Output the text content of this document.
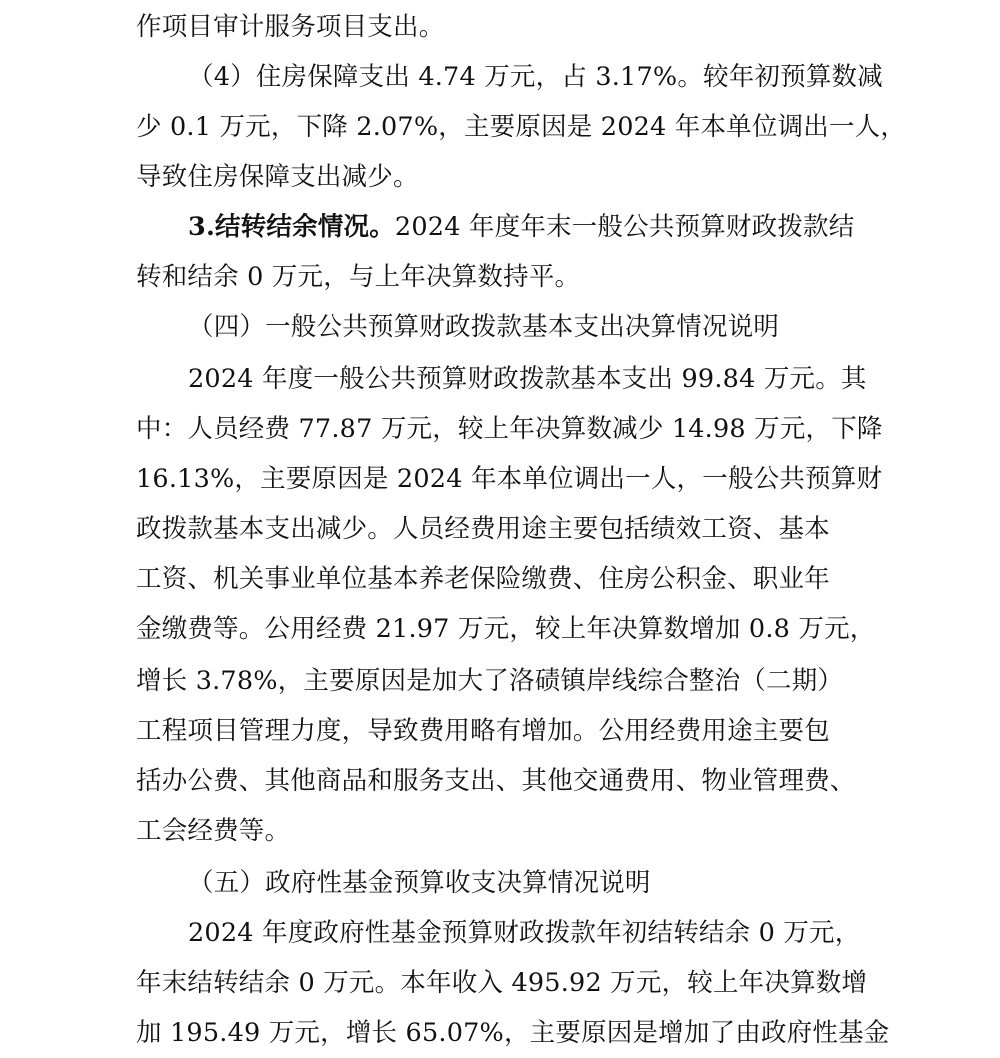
作项目审计服务项目支出。
（4）住房保障支出 4.74 万元，占 3.17%。较年初预算数减
少 0.1 万元，下降 2.07%，主要原因是 2024 年本单位调出一人，
导致住房保障支出减少。
3.结转结余情况。2024 年度年末一般公共预算财政拨款结
转和结余 0 万元，与上年决算数持平。
（四）一般公共预算财政拨款基本支出决算情况说明
2024 年度一般公共预算财政拨款基本支出 99.84 万元。其
中：人员经费 77.87 万元，较上年决算数减少 14.98 万元，下降
16.13%，主要原因是 2024 年本单位调出一人，一般公共预算财
政拨款基本支出减少。人员经费用途主要包括绩效工资、基本
工资、机关事业单位基本养老保险缴费、住房公积金、职业年
金缴费等。公用经费 21.97 万元，较上年决算数增加 0.8 万元，
增长 3.78%，主要原因是加大了洛碛镇岸线综合整治（二期）
工程项目管理力度，导致费用略有增加。公用经费用途主要包
括办公费、其他商品和服务支出、其他交通费用、物业管理费、
工会经费等。
（五）政府性基金预算收支决算情况说明
2024 年度政府性基金预算财政拨款年初结转结余 0 万元，
年末结转结余 0 万元。本年收入 495.92 万元，较上年决算数增
加 195.49 万元，增长 65.07%，主要原因是增加了由政府性基金
